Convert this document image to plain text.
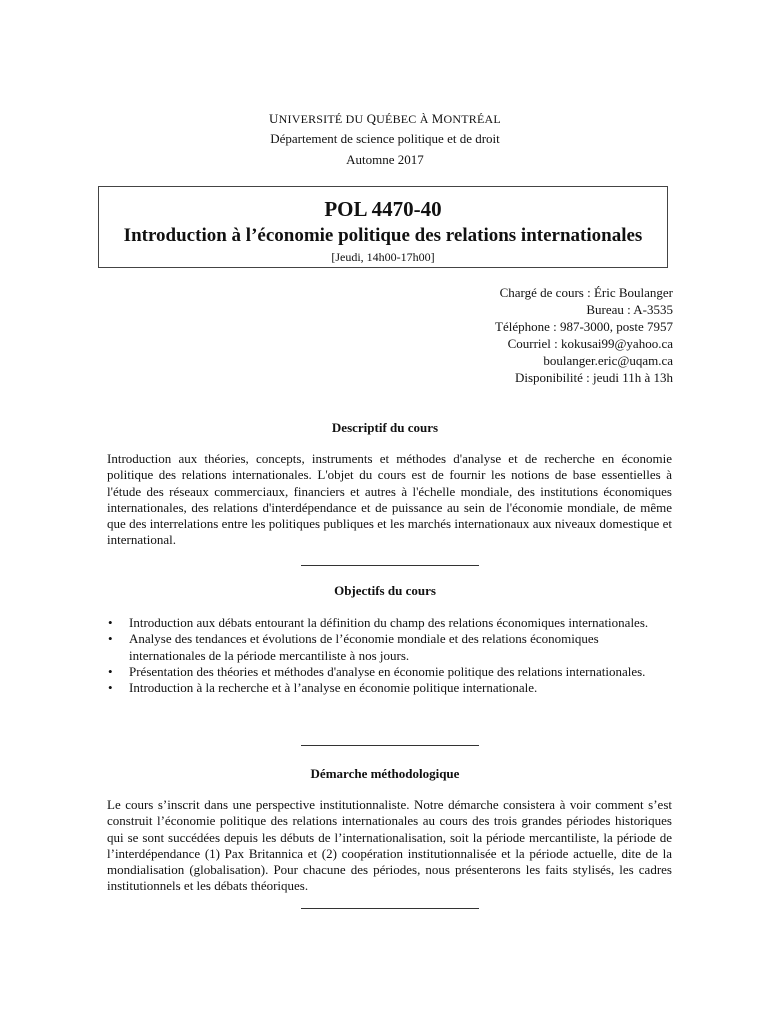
UNIVERSITÉ DU QUÉBEC À MONTRÉAL
Département de science politique et de droit
Automne 2017
POL 4470-40
Introduction à l’économie politique des relations internationales
[Jeudi, 14h00-17h00]
Chargé de cours : Éric Boulanger
Bureau : A-3535
Téléphone : 987-3000, poste 7957
Courriel : kokusai99@yahoo.ca
boulanger.eric@uqam.ca
Disponibilité : jeudi 11h à 13h
Descriptif du cours

Introduction aux théories, concepts, instruments et méthodes d'analyse et de recherche en économie politique des relations internationales. L'objet du cours est de fournir les notions de base essentielles à l'étude des réseaux commerciaux, financiers et autres à l'échelle mondiale, des institutions économiques internationales, des relations d'interdépendance et de puissance au sein de l'économie mondiale, de même que des interrelations entre les politiques publiques et les marchés internationaux aux niveaux domestique et international.

Objectifs du cours
• Introduction aux débats entourant la définition du champ des relations économiques internationales.
• Analyse des tendances et évolutions de l’économie mondiale et des relations économiques internationales de la période mercantiliste à nos jours.
• Présentation des théories et méthodes d'analyse en économie politique des relations internationales.
• Introduction à la recherche et à l’analyse en économie politique internationale.
Démarche méthodologique

Le cours s’inscrit dans une perspective institutionnaliste. Notre démarche consistera à voir comment s’est construit l’économie politique des relations internationales au cours des trois grandes périodes historiques qui se sont succédées depuis les débuts de l’internationalisation, soit la période mercantiliste, la période de l’interdépendance (1) Pax Britannica et (2) coopération institutionnalisée et la période actuelle, dite de la mondialisation (globalisation). Pour chacune des périodes, nous présenterons les faits stylisés, les cadres institutionnels et les débats théoriques.
